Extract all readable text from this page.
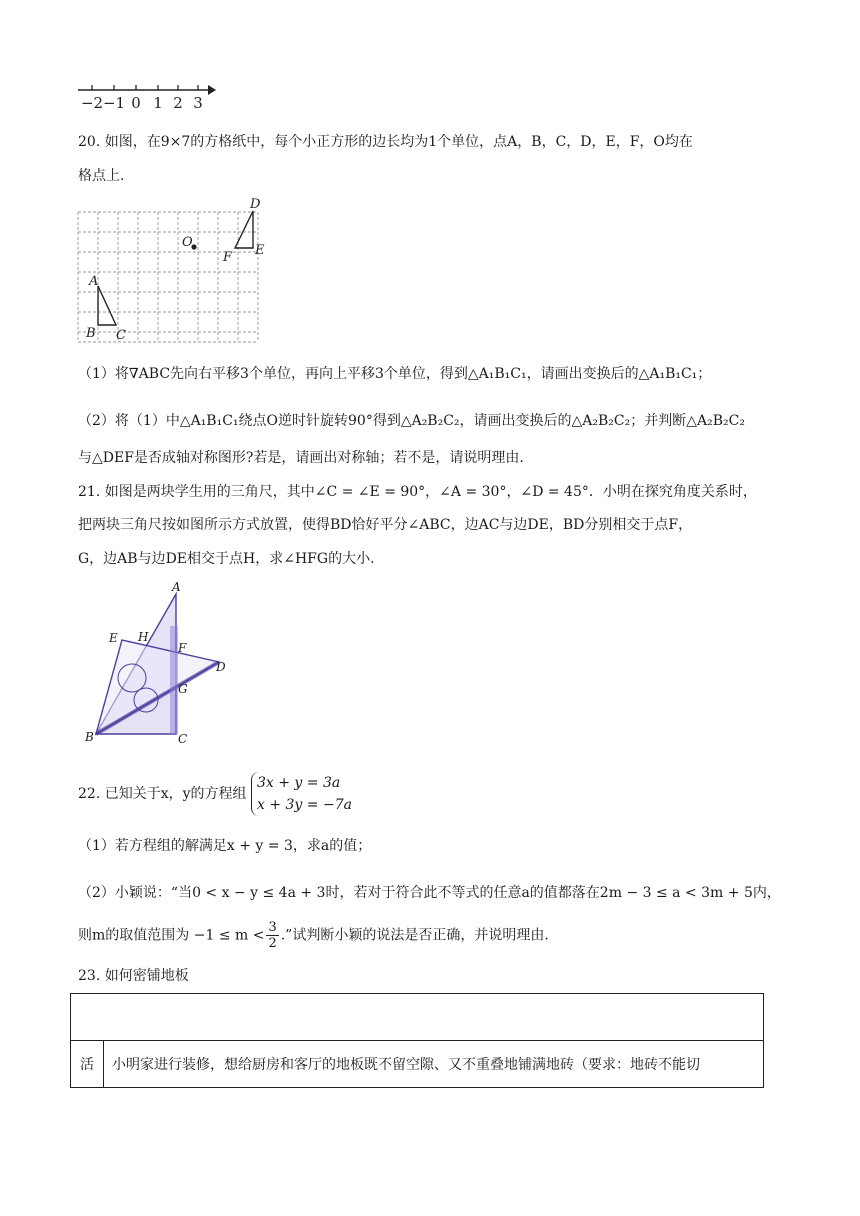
−2 −1 0 1 2 3
20. 如图，在9×7的方格纸中，每个小正方形的边长均为1个单位，点A，B，C，D，E，F，O均在
格点上.
A
B C
D
E
F
O
（1）将∇ABC先向右平移3个单位，再向上平移3个单位，得到△A₁B₁C₁，请画出变换后的△A₁B₁C₁；
（2）将（1）中△A₁B₁C₁绕点O逆时针旋转90°得到△A₂B₂C₂，请画出变换后的△A₂B₂C₂；并判断△A₂B₂C₂
与△DEF是否成轴对称图形?若是，请画出对称轴；若不是，请说明理由.
21. 如图是两块学生用的三角尺，其中∠C = ∠E = 90°，∠A = 30°，∠D = 45°．小明在探究角度关系时，
把两块三角尺按如图所示方式放置，使得BD恰好平分∠ABC，边AC与边DE，BD分别相交于点F，
G，边AB与边DE相交于点H，求∠HFG的大小.
A
B	C
D
E
F
G
H
22. 已知关于x，y的方程组
3x + y = 3a
x + 3y = −7a
（1）若方程组的解满足x + y = 3，求a的值；
（2）小颖说：“当0 < x − y ≤ 4a + 3时，若对于符合此不等式的任意a的值都落在2m − 3 ≤ a < 3m + 5内，
则m的取值范围为 $-1 \le m < \frac{3}{2}$ .”试判断小颖的说法是否正确，并说明理由.
23. 如何密铺地板

活	小明家进行装修，想给厨房和客厅的地板既不留空隙、又不重叠地铺满地砖（要求：地砖不能切
